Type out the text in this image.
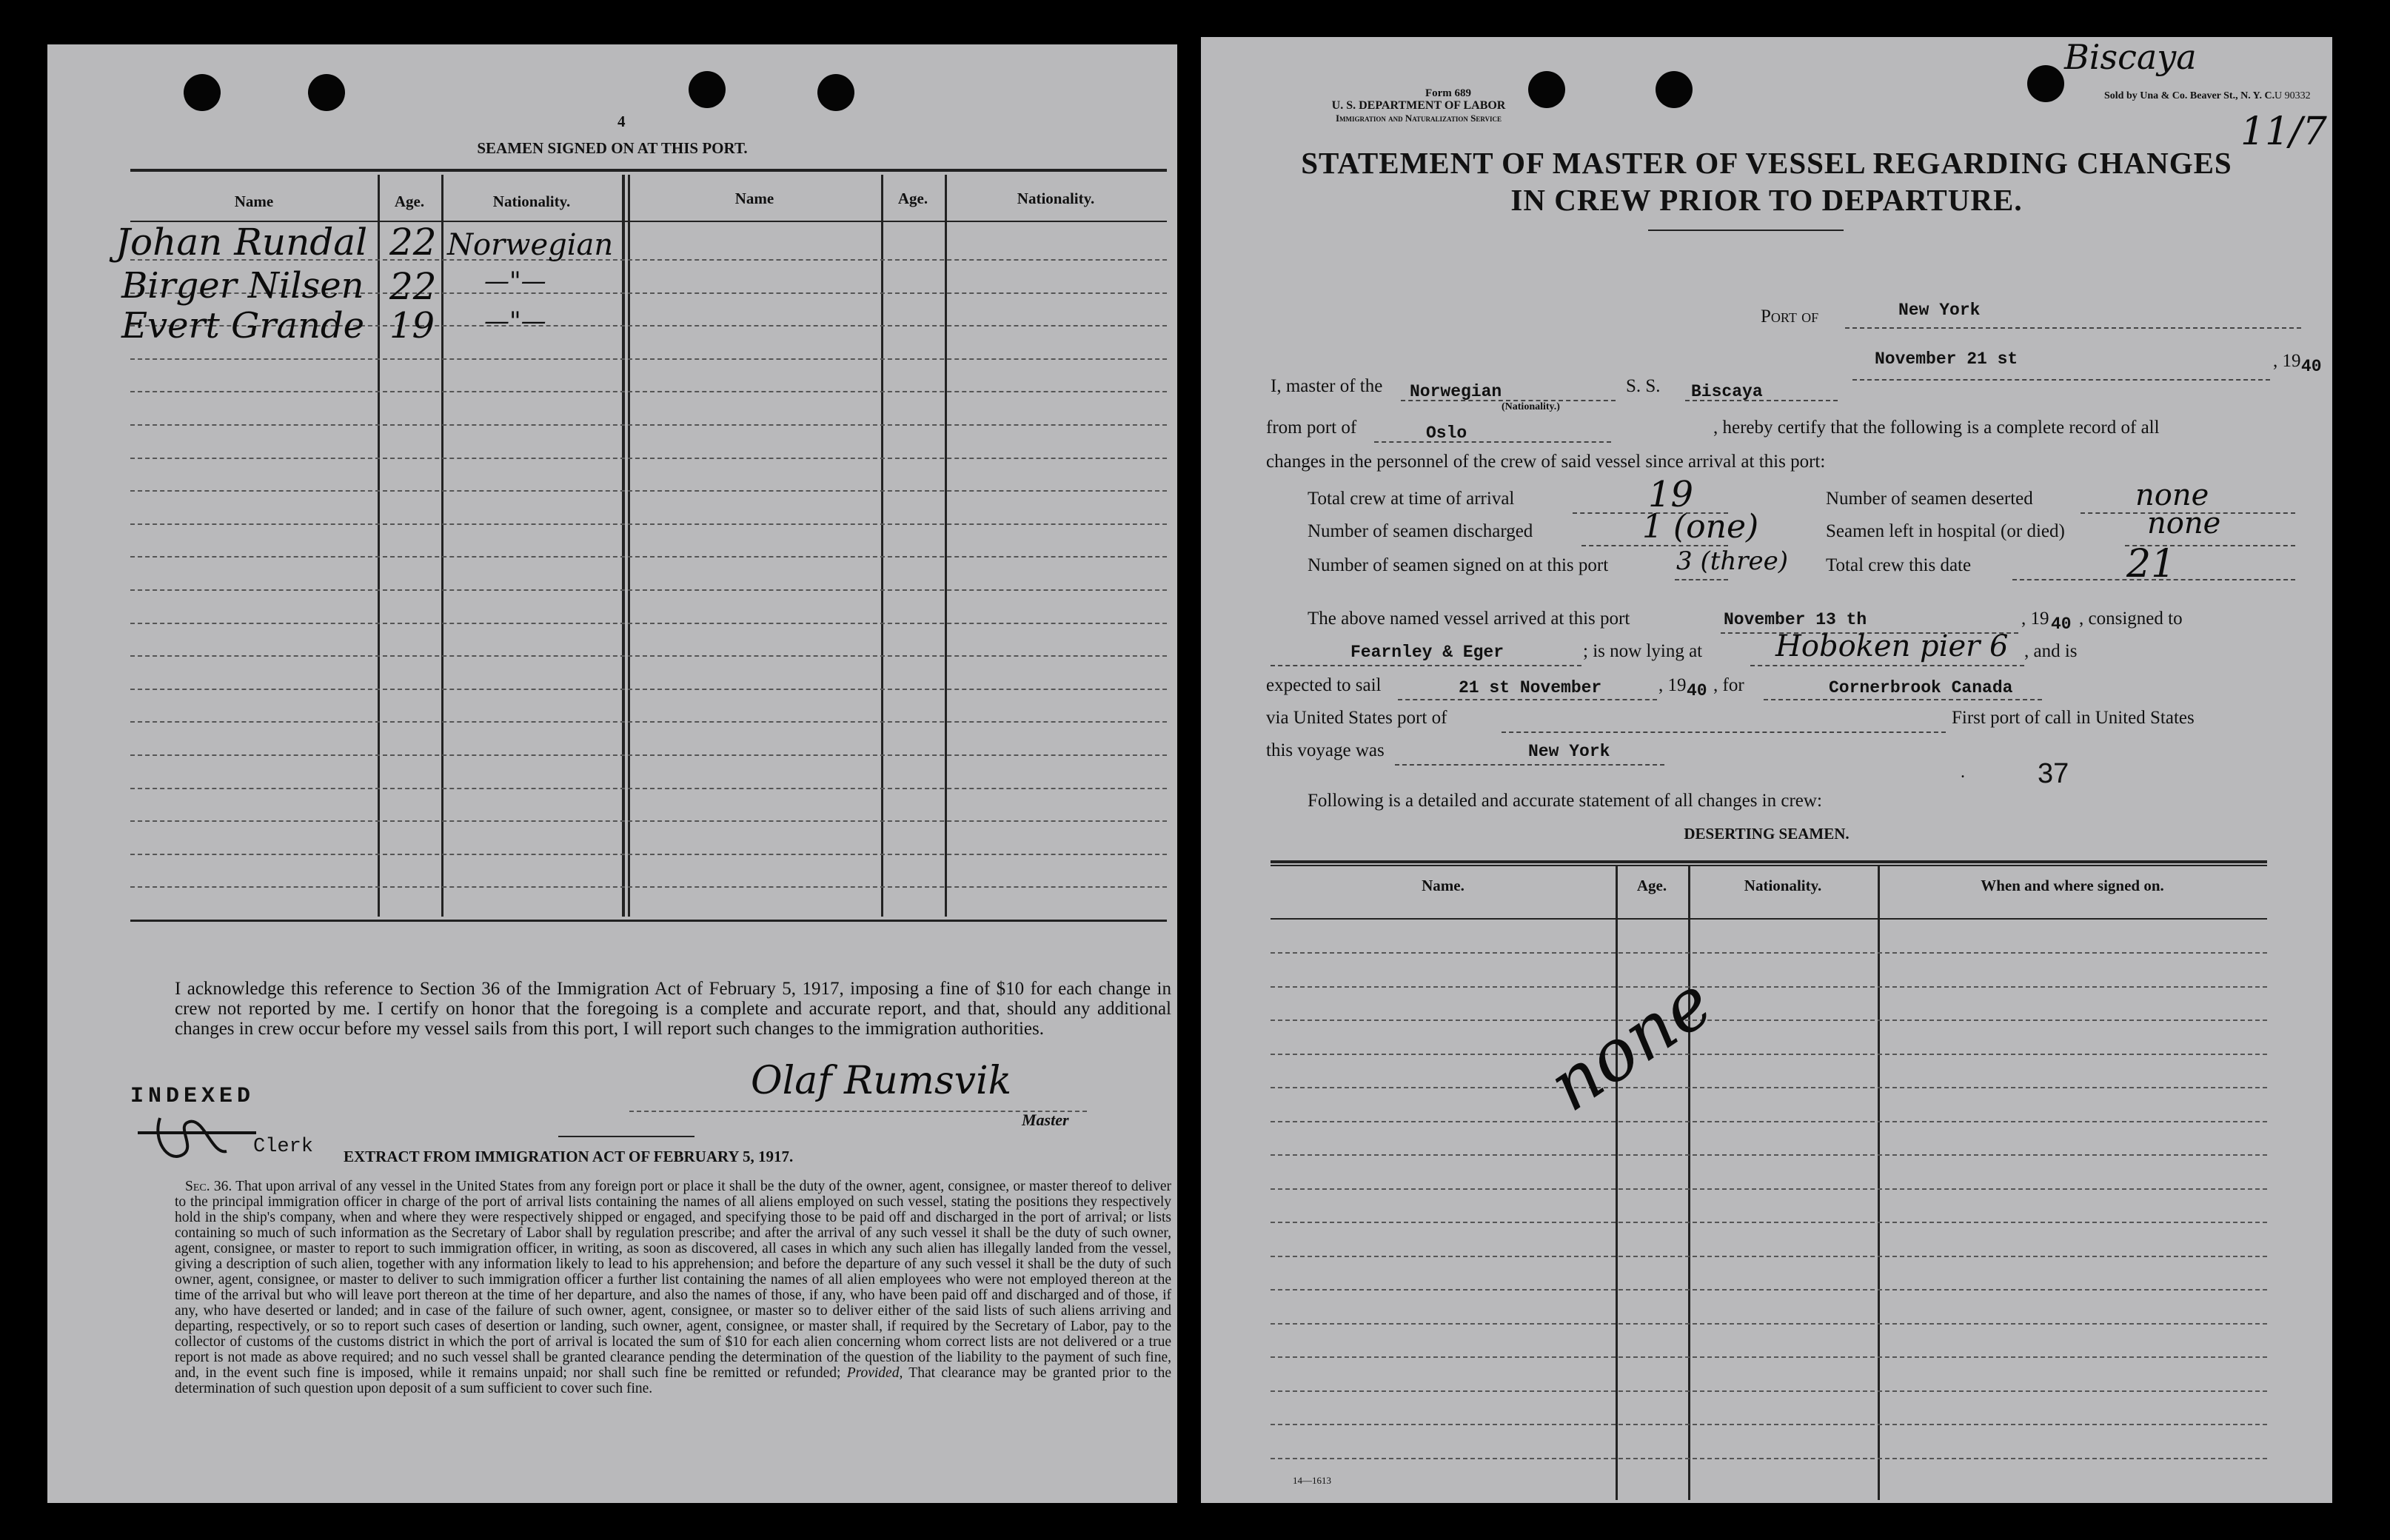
4
SEAMEN SIGNED ON AT THIS PORT.
Name	Age.	Nationality.	Name	Age.	Nationality.
Johan Rundal 22 Norwegian
Birger Nilsen 22 —"—
Evert Grande 19 —"—
I acknowledge this reference to Section 36 of the Immigration Act of February 5, 1917, imposing a fine of $10 for each change in crew not reported by me. I certify on honor that the foregoing is a complete and accurate report, and that, should any additional changes in crew occur before my vessel sails from this port, I will report such changes to the immigration authorities.
Olaf Rumsvik
Master
INDEXED
Clerk EXTRACT FROM IMMIGRATION ACT OF FEBRUARY 5, 1917.
Sec. 36. That upon arrival of any vessel in the United States from any foreign port or place it shall be the duty of the owner, agent, consignee, or master thereof to deliver to the principal immigration officer in charge of the port of arrival lists containing the names of all aliens employed on such vessel, stating the positions they respectively hold in the ship's company, when and where they were respectively shipped or engaged, and specifying those to be paid off and discharged in the port of arrival; or lists containing so much of such information as the Secretary of Labor shall by regulation prescribe; and after the arrival of any such vessel it shall be the duty of such owner, agent, consignee, or master to report to such immigration officer, in writing, as soon as discovered, all cases in which any such alien has illegally landed from the vessel, giving a description of such alien, together with any information likely to lead to his apprehension; and before the departure of any such vessel it shall be the duty of such owner, agent, consignee, or master to deliver to such immigration officer a further list containing the names of all alien employees who were not employed thereon at the time of the arrival but who will leave port thereon at the time of her departure, and also the names of those, if any, who have been paid off and discharged and of those, if any, who have deserted or landed; and in case of the failure of such owner, agent, consignee, or master so to deliver either of the said lists of such aliens arriving and departing, respectively, or so to report such cases of desertion or landing, such owner, agent, consignee, or master shall, if required by the Secretary of Labor, pay to the collector of customs of the customs district in which the port of arrival is located the sum of $10 for each alien concerning whom correct lists are not delivered or a true report is not made as above required; and no such vessel shall be granted clearance pending the determination of the question of the liability to the payment of such fine, and, in the event such fine is imposed, while it remains unpaid; nor shall such fine be remitted or refunded; Provided, That clearance may be granted prior to the determination of such question upon deposit of a sum sufficient to cover such fine.
Form 689
U. S. DEPARTMENT OF LABOR
Immigration and Naturalization Service
Sold by Una & Co. Beaver St., N. Y. C. U 90332
Biscaya
11/7
STATEMENT OF MASTER OF VESSEL REGARDING CHANGES
IN CREW PRIOR TO DEPARTURE.
Port of	New York
I, master of the Norwegian
(Nationality.)
S. S. Biscaya
November 21 st	, 19 40
from port of	Oslo	, hereby certify that the following is a complete record of all
changes in the personnel of the crew of said vessel since arrival at this port:
Total crew at time of arrival	19	Number of seamen deserted	none
Number of seamen discharged	1 (one)	Seamen left in hospital (or died)	none
Number of seamen signed on at this port	3 (three) Total crew this date	21
The above named vessel arrived at this port	November 13 th	, 19 40 , consigned to
Fearnley & Eger	; is now lying at Hoboken pier 6 , and is
expected to sail	21 st November	, 19 40 , for	Cornerbrook Canada
via United States port of	First port of call in United States
this voyage was	New York
.	37
Following is a detailed and accurate statement of all changes in crew:
DESERTING SEAMEN.
Name.	Age.	Nationality.	When and where signed on.
none
14—1613
